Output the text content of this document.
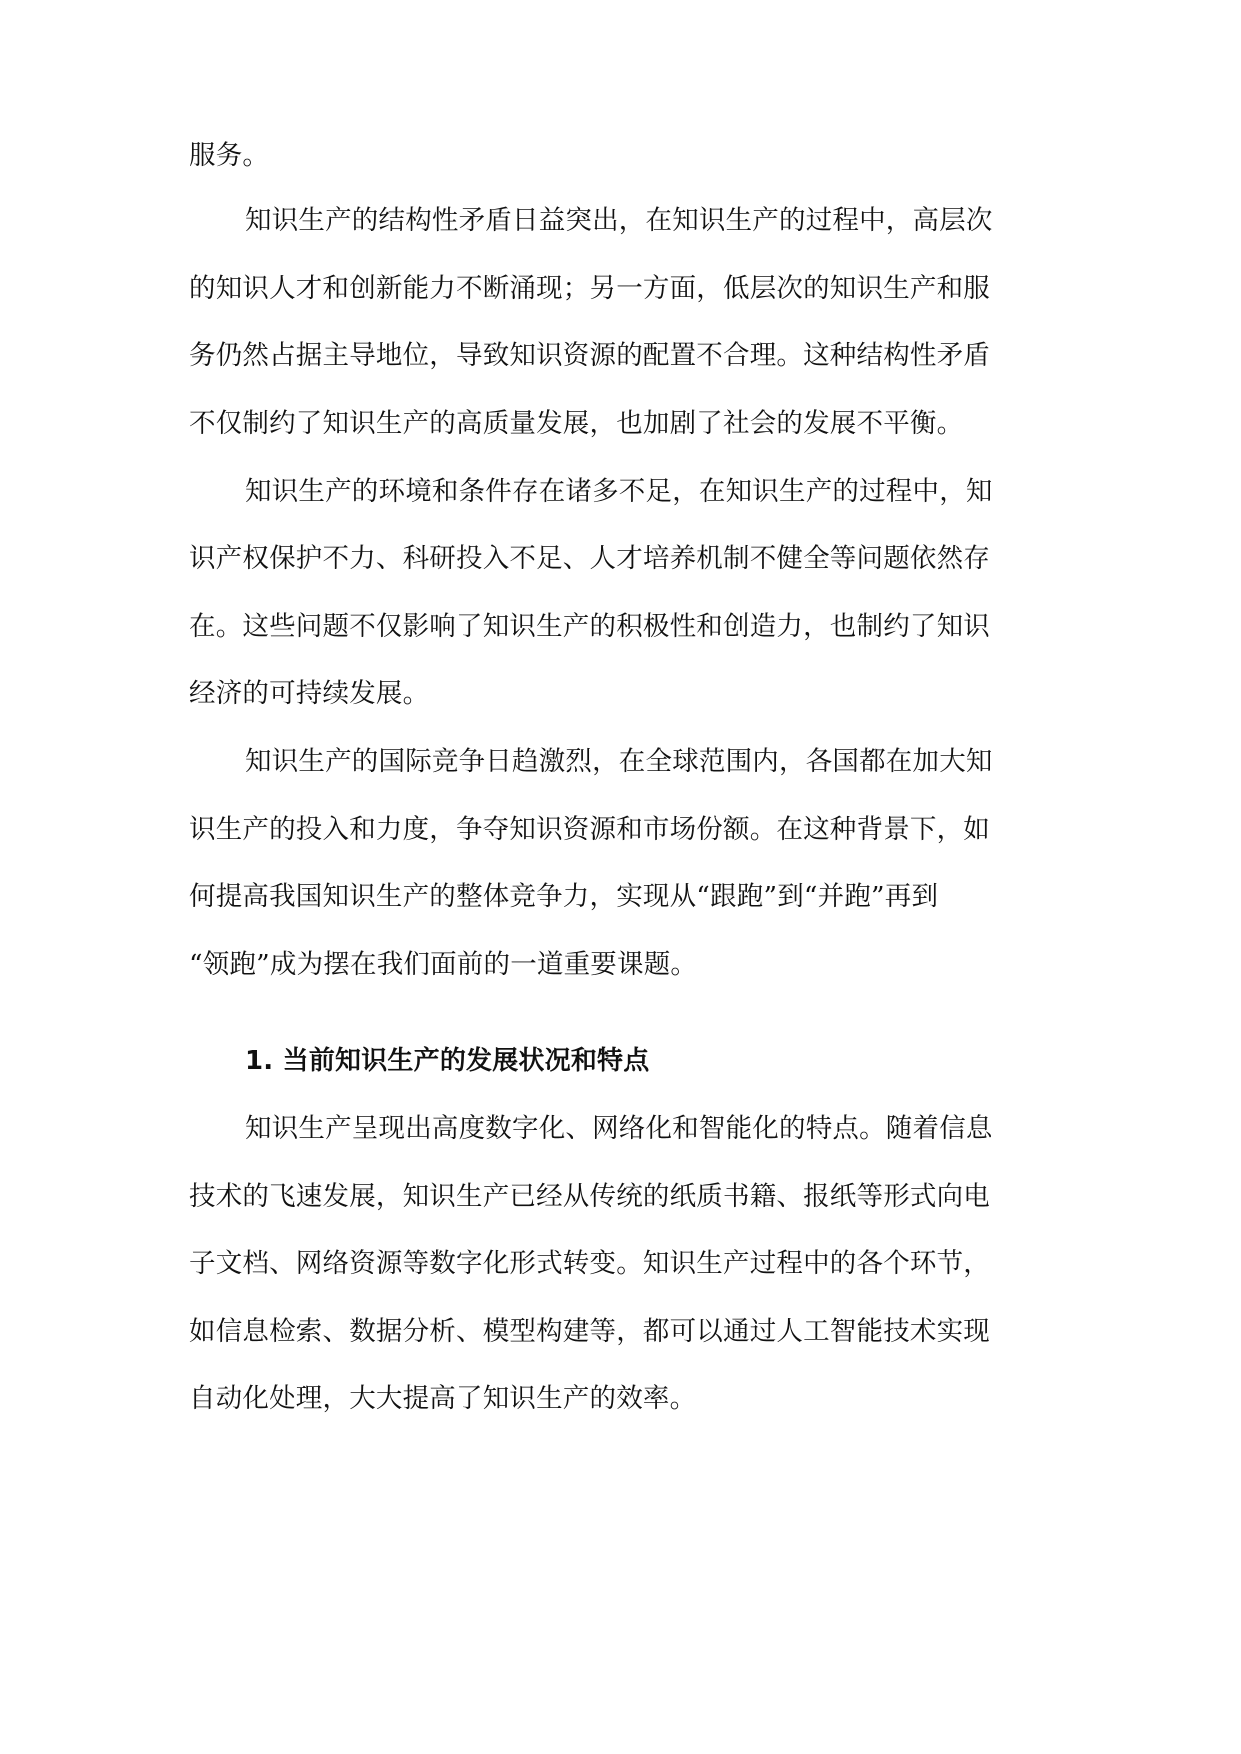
服务。
知识生产的结构性矛盾日益突出，在知识生产的过程中，高层次
的知识人才和创新能力不断涌现；另一方面，低层次的知识生产和服
务仍然占据主导地位，导致知识资源的配置不合理。这种结构性矛盾
不仅制约了知识生产的高质量发展，也加剧了社会的发展不平衡。
知识生产的环境和条件存在诸多不足，在知识生产的过程中，知
识产权保护不力、科研投入不足、人才培养机制不健全等问题依然存
在。这些问题不仅影响了知识生产的积极性和创造力，也制约了知识
经济的可持续发展。
知识生产的国际竞争日趋激烈，在全球范围内，各国都在加大知
识生产的投入和力度，争夺知识资源和市场份额。在这种背景下，如
何提高我国知识生产的整体竞争力，实现从“跟跑”到“并跑”再到
“领跑”成为摆在我们面前的一道重要课题。
1. 当前知识生产的发展状况和特点
知识生产呈现出高度数字化、网络化和智能化的特点。随着信息
技术的飞速发展，知识生产已经从传统的纸质书籍、报纸等形式向电
子文档、网络资源等数字化形式转变。知识生产过程中的各个环节，
如信息检索、数据分析、模型构建等，都可以通过人工智能技术实现
自动化处理，大大提高了知识生产的效率。
